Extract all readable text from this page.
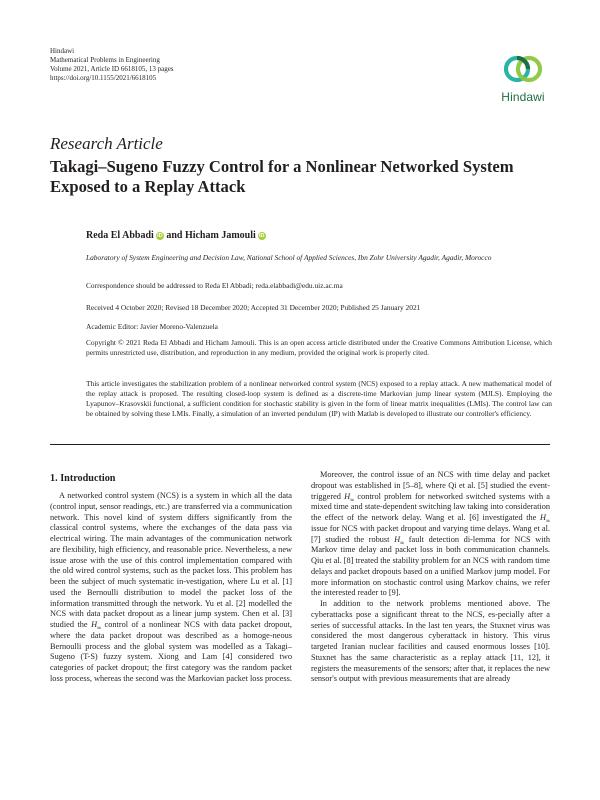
Hindawi
Mathematical Problems in Engineering
Volume 2021, Article ID 6618105, 13 pages
https://doi.org/10.1155/2021/6618105
Hindawi
Research Article
Takagi–Sugeno Fuzzy Control for a Nonlinear Networked System Exposed to a Replay Attack
Reda El Abbadi iD and Hicham Jamouli iD
Laboratory of System Engineering and Decision Law, National School of Applied Sciences, Ibn Zohr University Agadir, Agadir, Morocco
Correspondence should be addressed to Reda El Abbadi; reda.elabbadi@edu.uiz.ac.ma
Received 4 October 2020; Revised 18 December 2020; Accepted 31 December 2020; Published 25 January 2021
Academic Editor: Javier Moreno-Valenzuela
Copyright © 2021 Reda El Abbadi and Hicham Jamouli. This is an open access article distributed under the Creative Commons Attribution License, which permits unrestricted use, distribution, and reproduction in any medium, provided the original work is properly cited.
This article investigates the stabilization problem of a nonlinear networked control system (NCS) exposed to a replay attack. A new mathematical model of the replay attack is proposed. The resulting closed-loop system is defined as a discrete-time Markovian jump linear system (MJLS). Employing the Lyapunov–Krasovskii functional, a sufficient condition for stochastic stability is given in the form of linear matrix inequalities (LMIs). The control law can be obtained by solving these LMIs. Finally, a simulation of an inverted pendulum (IP) with Matlab is developed to illustrate our controller's efficiency.
1. Introduction

A networked control system (NCS) is a system in which all the data (control input, sensor readings, etc.) are transferred via a communication network. This novel kind of system differs significantly from the classical control systems, where the exchanges of the data pass via electrical wiring. The main advantages of the communication network are flexibility, high efficiency, and reasonable price. Nevertheless, a new issue arose with the use of this control implementation compared with the old wired control systems, such as the packet loss. This problem has been the subject of much systematic in-vestigation, where Lu et al. [1] used the Bernoulli distribution to model the packet loss of the information transmitted through the network. Yu et al. [2] modelled the NCS with data packet dropout as a linear jump system. Chen et al. [3] studied the $H_\infty$ control of a nonlinear NCS with data packet dropout, where the data packet dropout was described as a homoge-neous Bernoulli process and the global system was modelled as a Takagi–Sugeno (T-S) fuzzy system. Xiong and Lam [4] considered two categories of packet dropout; the first category was the random packet loss process, whereas the second was the Markovian packet loss process.

Moreover, the control issue of an NCS with time delay and packet dropout was established in [5–8], where Qi et al. [5] studied the event-triggered $H_\infty$ control problem for networked switched systems with a mixed time and state-dependent switching law taking into consideration the effect of the network delay. Wang et al. [6] investigated the $H_\infty$ issue for NCS with packet dropout and varying time delays. Wang et al. [7] studied the robust $H_\infty$ fault detection di-lemma for NCS with Markov time delay and packet loss in both communication channels. Qiu et al. [8] treated the stability problem for an NCS with random time delays and packet dropouts based on a unified Markov jump model. For more information on stochastic control using Markov chains, we refer the interested reader to [9].

In addition to the network problems mentioned above. The cyberattacks pose a significant threat to the NCS, es-pecially after a series of successful attacks. In the last ten years, the Stuxnet virus was considered the most dangerous cyberattack in history. This virus targeted Iranian nuclear facilities and caused enormous losses [10]. Stuxnet has the same characteristic as a replay attack [11, 12], it registers the measurements of the sensors; after that, it replaces the new sensor's output with previous measurements that are already
